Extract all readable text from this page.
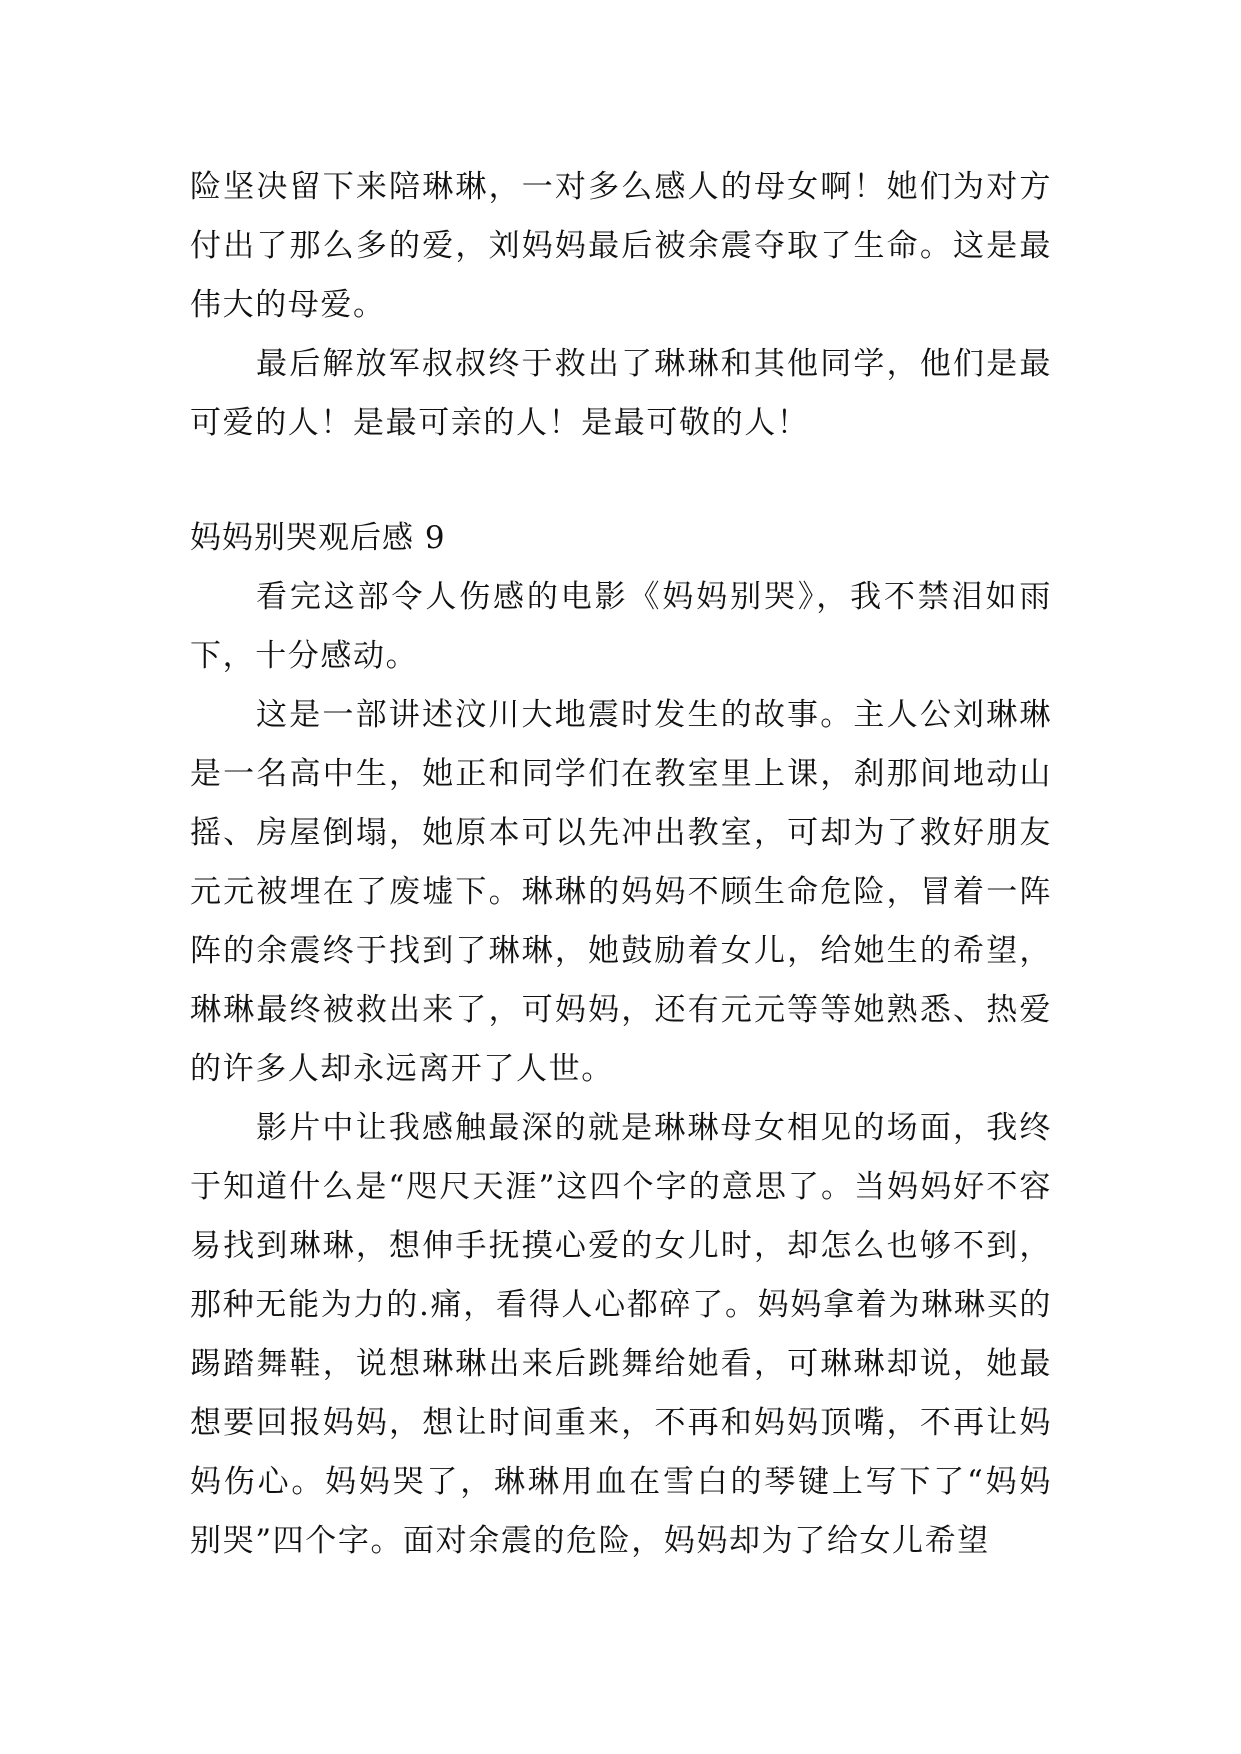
险坚决留下来陪琳琳，一对多么感人的母女啊！她们为对方付出了那么多的爱，刘妈妈最后被余震夺取了生命。这是最伟大的母爱。

最后解放军叔叔终于救出了琳琳和其他同学，他们是最可爱的人！是最可亲的人！是最可敬的人！

妈妈别哭观后感 9

看完这部令人伤感的电影《妈妈别哭》，我不禁泪如雨下，十分感动。

这是一部讲述汶川大地震时发生的故事。主人公刘琳琳是一名高中生，她正和同学们在教室里上课，刹那间地动山摇、房屋倒塌，她原本可以先冲出教室，可却为了救好朋友元元被埋在了废墟下。琳琳的妈妈不顾生命危险，冒着一阵阵的余震终于找到了琳琳，她鼓励着女儿，给她生的希望，琳琳最终被救出来了，可妈妈，还有元元等等她熟悉、热爱的许多人却永远离开了人世。

影片中让我感触最深的就是琳琳母女相见的场面，我终于知道什么是“咫尺天涯”这四个字的意思了。当妈妈好不容易找到琳琳，想伸手抚摸心爱的女儿时，却怎么也够不到，那种无能为力的.痛，看得人心都碎了。妈妈拿着为琳琳买的踢踏舞鞋，说想琳琳出来后跳舞给她看，可琳琳却说，她最想要回报妈妈，想让时间重来，不再和妈妈顶嘴，不再让妈妈伤心。妈妈哭了，琳琳用血在雪白的琴键上写下了“妈妈别哭”四个字。面对余震的危险，妈妈却为了给女儿希望
